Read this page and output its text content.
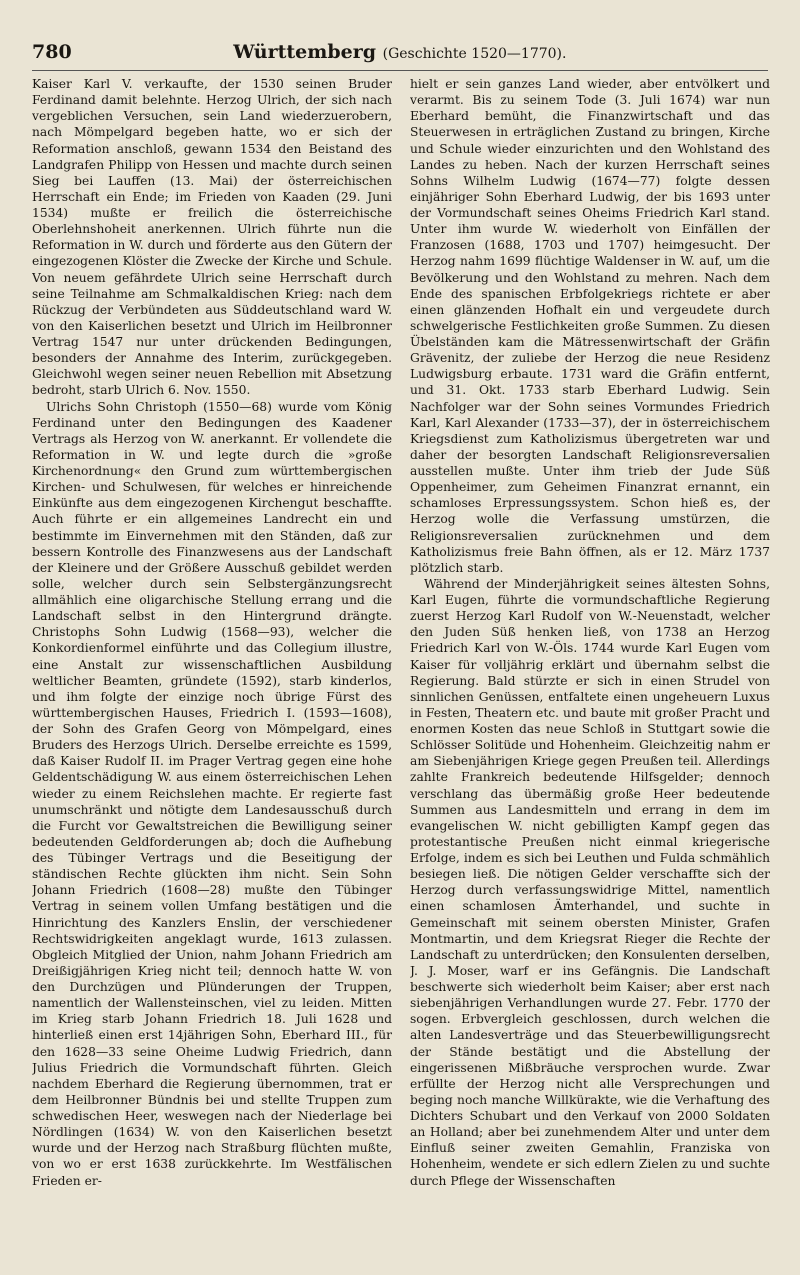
780	Württemberg (Geschichte 1520—1770).

Kaiser Karl V. verkaufte, der 1530 seinen Bruder Ferdinand damit belehnte. Herzog Ulrich, der sich nach vergeblichen Versuchen, sein Land wiederzuerobern, nach Mömpelgard begeben hatte, wo er sich der Reformation anschloß, gewann 1534 den Beistand des Landgrafen Philipp von Hessen und machte durch seinen Sieg bei Lauffen (13. Mai) der österreichischen Herrschaft ein Ende; im Frieden von Kaaden (29. Juni 1534) mußte er freilich die österreichische Oberlehnshoheit anerkennen. Ulrich führte nun die Reformation in W. durch und förderte aus den Gütern der eingezogenen Klöster die Zwecke der Kirche und Schule. Von neuem gefährdete Ulrich seine Herrschaft durch seine Teilnahme am Schmalkaldischen Krieg: nach dem Rückzug der Verbündeten aus Süddeutschland ward W. von den Kaiserlichen besetzt und Ulrich im Heilbronner Vertrag 1547 nur unter drückenden Bedingungen, besonders der Annahme des Interim, zurückgegeben. Gleichwohl wegen seiner neuen Rebellion mit Absetzung bedroht, starb Ulrich 6. Nov. 1550.

Ulrichs Sohn Christoph (1550—68) wurde vom König Ferdinand unter den Bedingungen des Kaadener Vertrags als Herzog von W. anerkannt. Er vollendete die Reformation in W. und legte durch die »große Kirchenordnung« den Grund zum württembergischen Kirchen- und Schulwesen, für welches er hinreichende Einkünfte aus dem eingezogenen Kirchengut beschaffte. Auch führte er ein allgemeines Landrecht ein und bestimmte im Einvernehmen mit den Ständen, daß zur bessern Kontrolle des Finanzwesens aus der Landschaft der Kleinere und der Größere Ausschuß gebildet werden solle, welcher durch sein Selbstergänzungsrecht allmählich eine oligarchische Stellung errang und die Landschaft selbst in den Hintergrund drängte. Christophs Sohn Ludwig (1568—93), welcher die Konkordienformel einführte und das Collegium illustre, eine Anstalt zur wissenschaftlichen Ausbildung weltlicher Beamten, gründete (1592), starb kinderlos, und ihm folgte der einzige noch übrige Fürst des württembergischen Hauses, Friedrich I. (1593—1608), der Sohn des Grafen Georg von Mömpelgard, eines Bruders des Herzogs Ulrich. Derselbe erreichte es 1599, daß Kaiser Rudolf II. im Prager Vertrag gegen eine hohe Geldentschädigung W. aus einem österreichischen Lehen wieder zu einem Reichslehen machte. Er regierte fast unumschränkt und nötigte dem Landesausschuß durch die Furcht vor Gewaltstreichen die Bewilligung seiner bedeutenden Geldforderungen ab; doch die Aufhebung des Tübinger Vertrags und die Beseitigung der ständischen Rechte glückten ihm nicht. Sein Sohn Johann Friedrich (1608—28) mußte den Tübinger Vertrag in seinem vollen Umfang bestätigen und die Hinrichtung des Kanzlers Enslin, der verschiedener Rechtswidrigkeiten angeklagt wurde, 1613 zulassen. Obgleich Mitglied der Union, nahm Johann Friedrich am Dreißigjährigen Krieg nicht teil; dennoch hatte W. von den Durchzügen und Plünderungen der Truppen, namentlich der Wallensteinschen, viel zu leiden. Mitten im Krieg starb Johann Friedrich 18. Juli 1628 und hinterließ einen erst 14jährigen Sohn, Eberhard III., für den 1628—33 seine Oheime Ludwig Friedrich, dann Julius Friedrich die Vormundschaft führten. Gleich nachdem Eberhard die Regierung übernommen, trat er dem Heilbronner Bündnis bei und stellte Truppen zum schwedischen Heer, weswegen nach der Niederlage bei Nördlingen (1634) W. von den Kaiserlichen besetzt wurde und der Herzog nach Straßburg flüchten mußte, von wo er erst 1638 zurückkehrte. Im Westfälischen Frieden er-

hielt er sein ganzes Land wieder, aber entvölkert und verarmt. Bis zu seinem Tode (3. Juli 1674) war nun Eberhard bemüht, die Finanzwirtschaft und das Steuerwesen in erträglichen Zustand zu bringen, Kirche und Schule wieder einzurichten und den Wohlstand des Landes zu heben. Nach der kurzen Herrschaft seines Sohns Wilhelm Ludwig (1674—77) folgte dessen einjähriger Sohn Eberhard Ludwig, der bis 1693 unter der Vormundschaft seines Oheims Friedrich Karl stand. Unter ihm wurde W. wiederholt von Einfällen der Franzosen (1688, 1703 und 1707) heimgesucht. Der Herzog nahm 1699 flüchtige Waldenser in W. auf, um die Bevölkerung und den Wohlstand zu mehren. Nach dem Ende des spanischen Erbfolgekriegs richtete er aber einen glänzenden Hofhalt ein und vergeudete durch schwelgerische Festlichkeiten große Summen. Zu diesen Übelständen kam die Mätressenwirtschaft der Gräfin Grävenitz, der zuliebe der Herzog die neue Residenz Ludwigsburg erbaute. 1731 ward die Gräfin entfernt, und 31. Okt. 1733 starb Eberhard Ludwig. Sein Nachfolger war der Sohn seines Vormundes Friedrich Karl, Karl Alexander (1733—37), der in österreichischem Kriegsdienst zum Katholizismus übergetreten war und daher der besorgten Landschaft Religionsreversalien ausstellen mußte. Unter ihm trieb der Jude Süß Oppenheimer, zum Geheimen Finanzrat ernannt, ein schamloses Erpressungssystem. Schon hieß es, der Herzog wolle die Verfassung umstürzen, die Religionsreversalien zurücknehmen und dem Katholizismus freie Bahn öffnen, als er 12. März 1737 plötzlich starb.

Während der Minderjährigkeit seines ältesten Sohns, Karl Eugen, führte die vormundschaftliche Regierung zuerst Herzog Karl Rudolf von W.-Neuenstadt, welcher den Juden Süß henken ließ, von 1738 an Herzog Friedrich Karl von W.-Öls. 1744 wurde Karl Eugen vom Kaiser für volljährig erklärt und übernahm selbst die Regierung. Bald stürzte er sich in einen Strudel von sinnlichen Genüssen, entfaltete einen ungeheuern Luxus in Festen, Theatern etc. und baute mit großer Pracht und enormen Kosten das neue Schloß in Stuttgart sowie die Schlösser Solitüde und Hohenheim. Gleichzeitig nahm er am Siebenjährigen Kriege gegen Preußen teil. Allerdings zahlte Frankreich bedeutende Hilfsgelder; dennoch verschlang das übermäßig große Heer bedeutende Summen aus Landesmitteln und errang in dem im evangelischen W. nicht gebilligten Kampf gegen das protestantische Preußen nicht einmal kriegerische Erfolge, indem es sich bei Leuthen und Fulda schmählich besiegen ließ. Die nötigen Gelder verschaffte sich der Herzog durch verfassungswidrige Mittel, namentlich einen schamlosen Ämterhandel, und suchte in Gemeinschaft mit seinem obersten Minister, Grafen Montmartin, und dem Kriegsrat Rieger die Rechte der Landschaft zu unterdrücken; den Konsulenten derselben, J. J. Moser, warf er ins Gefängnis. Die Landschaft beschwerte sich wiederholt beim Kaiser; aber erst nach siebenjährigen Verhandlungen wurde 27. Febr. 1770 der sogen. Erbvergleich geschlossen, durch welchen die alten Landesverträge und das Steuerbewilligungsrecht der Stände bestätigt und die Abstellung der eingerissenen Mißbräuche versprochen wurde. Zwar erfüllte der Herzog nicht alle Versprechungen und beging noch manche Willkürakte, wie die Verhaftung des Dichters Schubart und den Verkauf von 2000 Soldaten an Holland; aber bei zunehmendem Alter und unter dem Einfluß seiner zweiten Gemahlin, Franziska von Hohenheim, wendete er sich edlern Zielen zu und suchte durch Pflege der Wissenschaften
